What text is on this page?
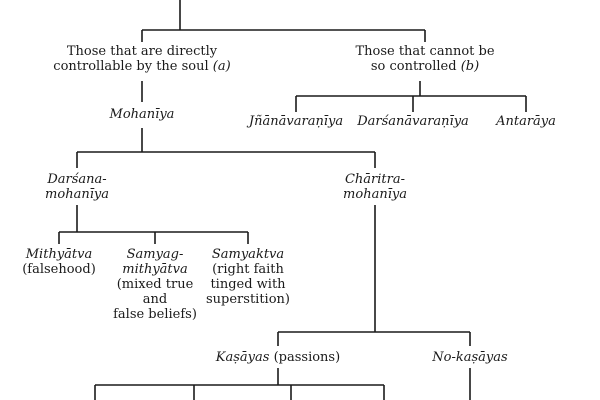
Those that are directly
controllable by the soul (a)
Those that cannot be
so controlled (b)
Jñānāvaraṇīya	Darśanāvaraṇīya	Antarāya
Mohanīya
Darśana-
mohanīya
Chāritra-
mohanīya
Mithyātva
(falsehood)
Samyag-
mithyātva
(mixed true
and
false beliefs)
Samyaktva
(right faith
tinged with
superstition)
Kaṣāyas (passions)	No-kaṣāyas
